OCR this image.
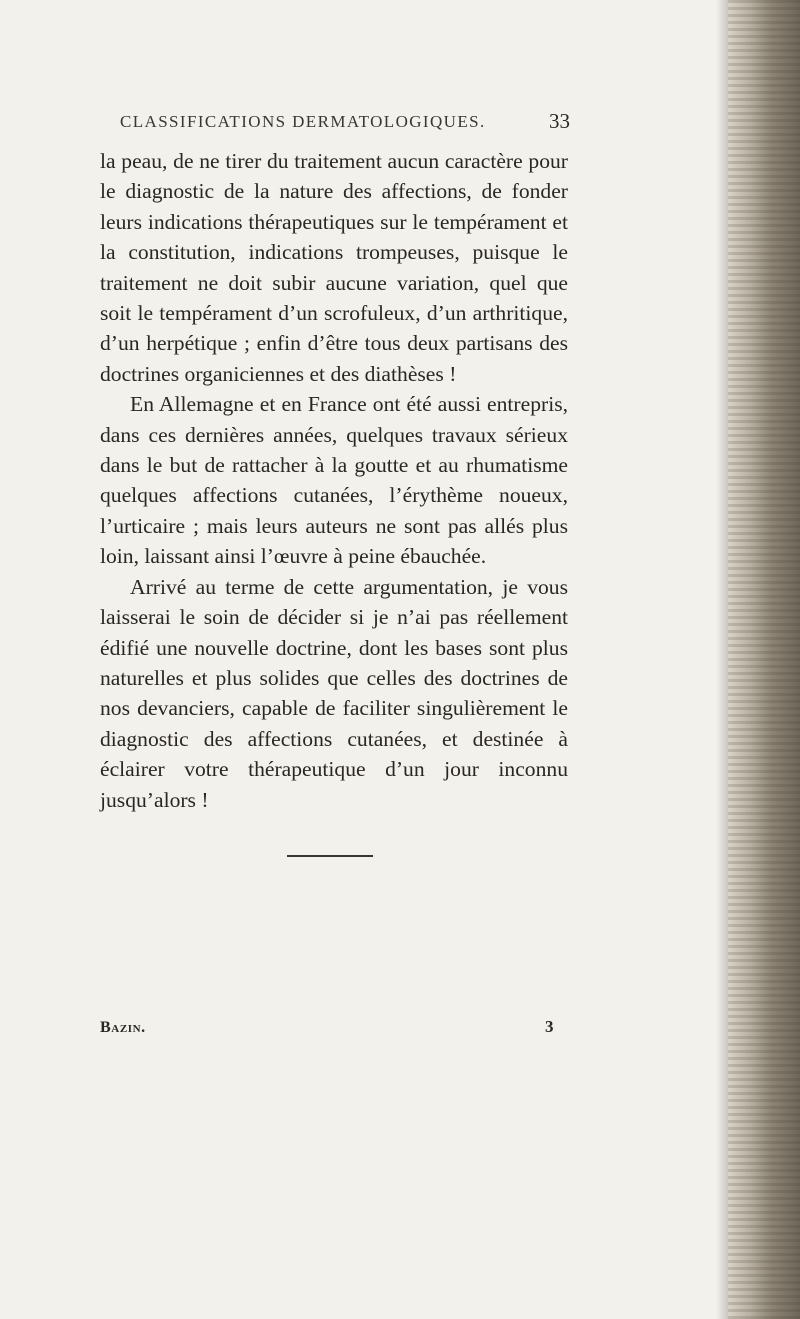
CLASSIFICATIONS DERMATOLOGIQUES.	33

la peau, de ne tirer du traitement aucun caractère pour le diagnostic de la nature des affections, de fonder leurs indications thérapeutiques sur le tempérament et la constitution, indications trompeuses, puisque le traitement ne doit subir aucune variation, quel que soit le tempérament d’un scrofuleux, d’un arthritique, d’un herpétique ; enfin d’être tous deux partisans des doctrines organiciennes et des diathèses !

En Allemagne et en France ont été aussi entrepris, dans ces dernières années, quelques travaux sérieux dans le but de rattacher à la goutte et au rhumatisme quelques affections cutanées, l’érythème noueux, l’urticaire ; mais leurs auteurs ne sont pas allés plus loin, laissant ainsi l’œuvre à peine ébauchée.

Arrivé au terme de cette argumentation, je vous laisserai le soin de décider si je n’ai pas réellement édifié une nouvelle doctrine, dont les bases sont plus naturelles et plus solides que celles des doctrines de nos devanciers, capable de faciliter singulièrement le diagnostic des affections cutanées, et destinée à éclairer votre thérapeutique d’un jour inconnu jusqu’alors !

Bazin.	3
